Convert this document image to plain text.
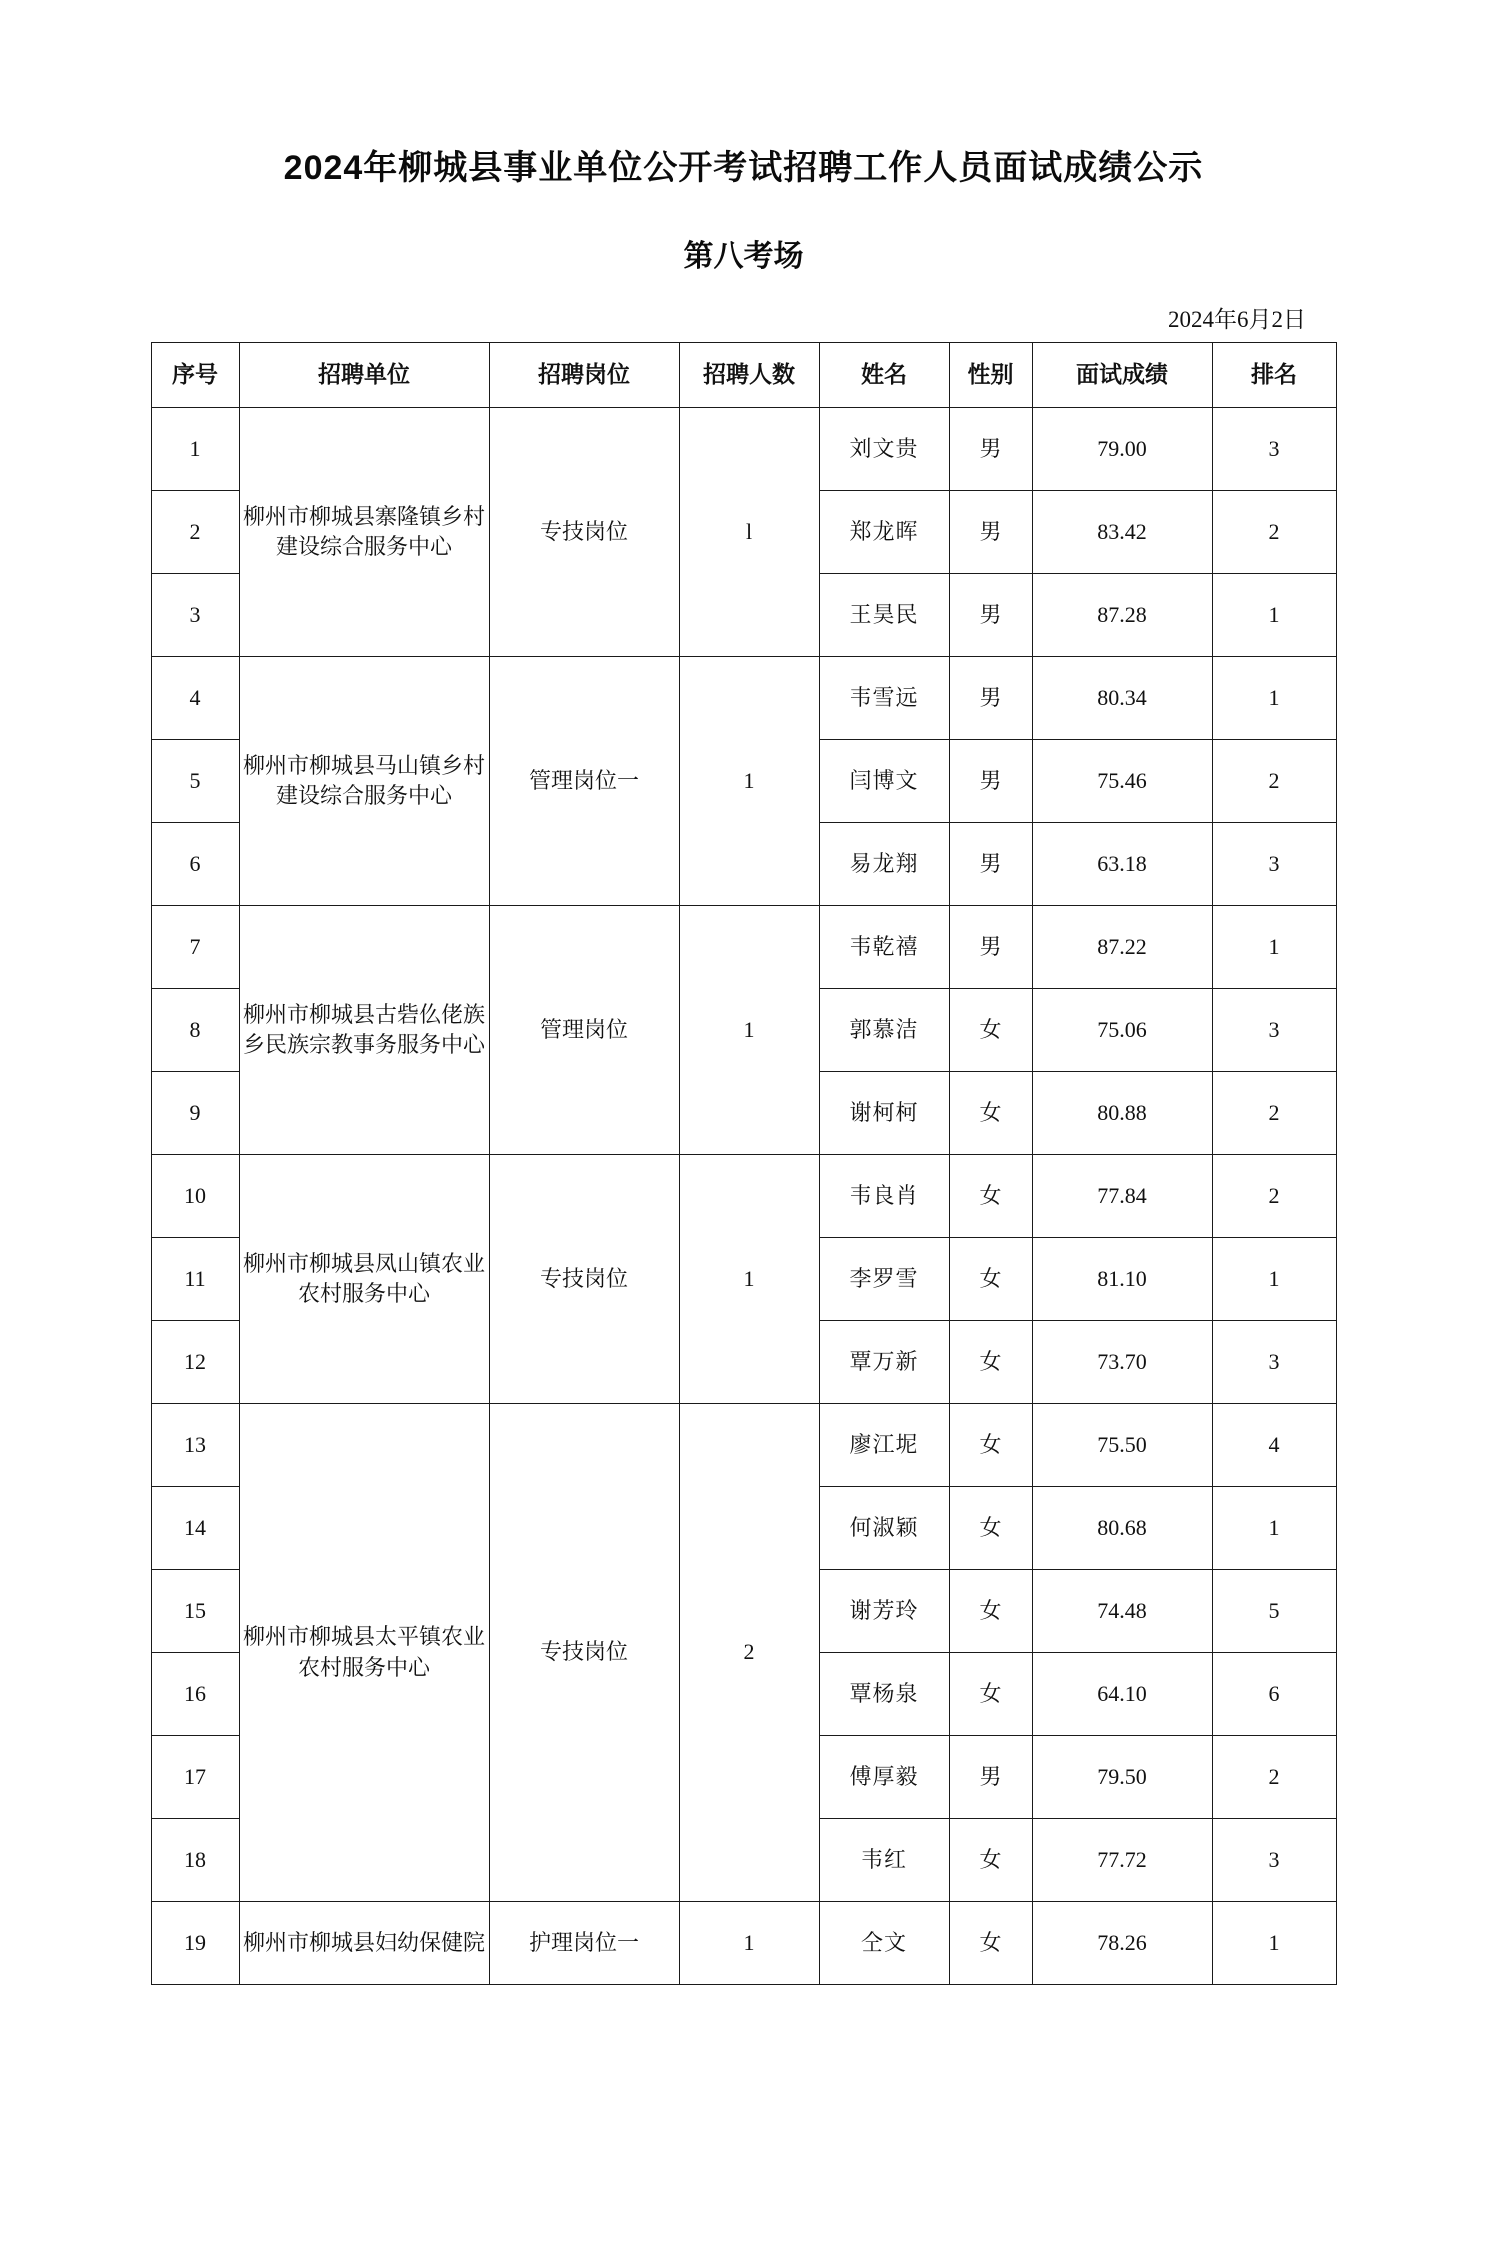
2024年柳城县事业单位公开考试招聘工作人员面试成绩公示
第八考场
2024年6月2日
序号	招聘单位	招聘岗位	招聘人数	姓名	性别	面试成绩	排名
1	柳州市柳城县寨隆镇乡村建设综合服务中心	专技岗位	l	刘文贵	男	79.00	3
2				郑龙晖	男	83.42	2
3				王昊民	男	87.28	1
4	柳州市柳城县马山镇乡村建设综合服务中心	管理岗位一	1	韦雪远	男	80.34	1
5				闫博文	男	75.46	2
6				易龙翔	男	63.18	3
7	柳州市柳城县古砦仫佬族乡民族宗教事务服务中心	管理岗位	1	韦乾禧	男	87.22	1
8				郭慕洁	女	75.06	3
9				谢柯柯	女	80.88	2
10	柳州市柳城县凤山镇农业农村服务中心	专技岗位	1	韦良肖	女	77.84	2
11				李罗雪	女	81.10	1
12				覃万新	女	73.70	3
13	柳州市柳城县太平镇农业农村服务中心	专技岗位	2	廖江坭	女	75.50	4
14				何淑颖	女	80.68	1
15				谢芳玲	女	74.48	5
16				覃杨泉	女	64.10	6
17				傅厚毅	男	79.50	2
18				韦红	女	77.72	3
19	柳州市柳城县妇幼保健院	护理岗位一	1	仝文	女	78.26	1
